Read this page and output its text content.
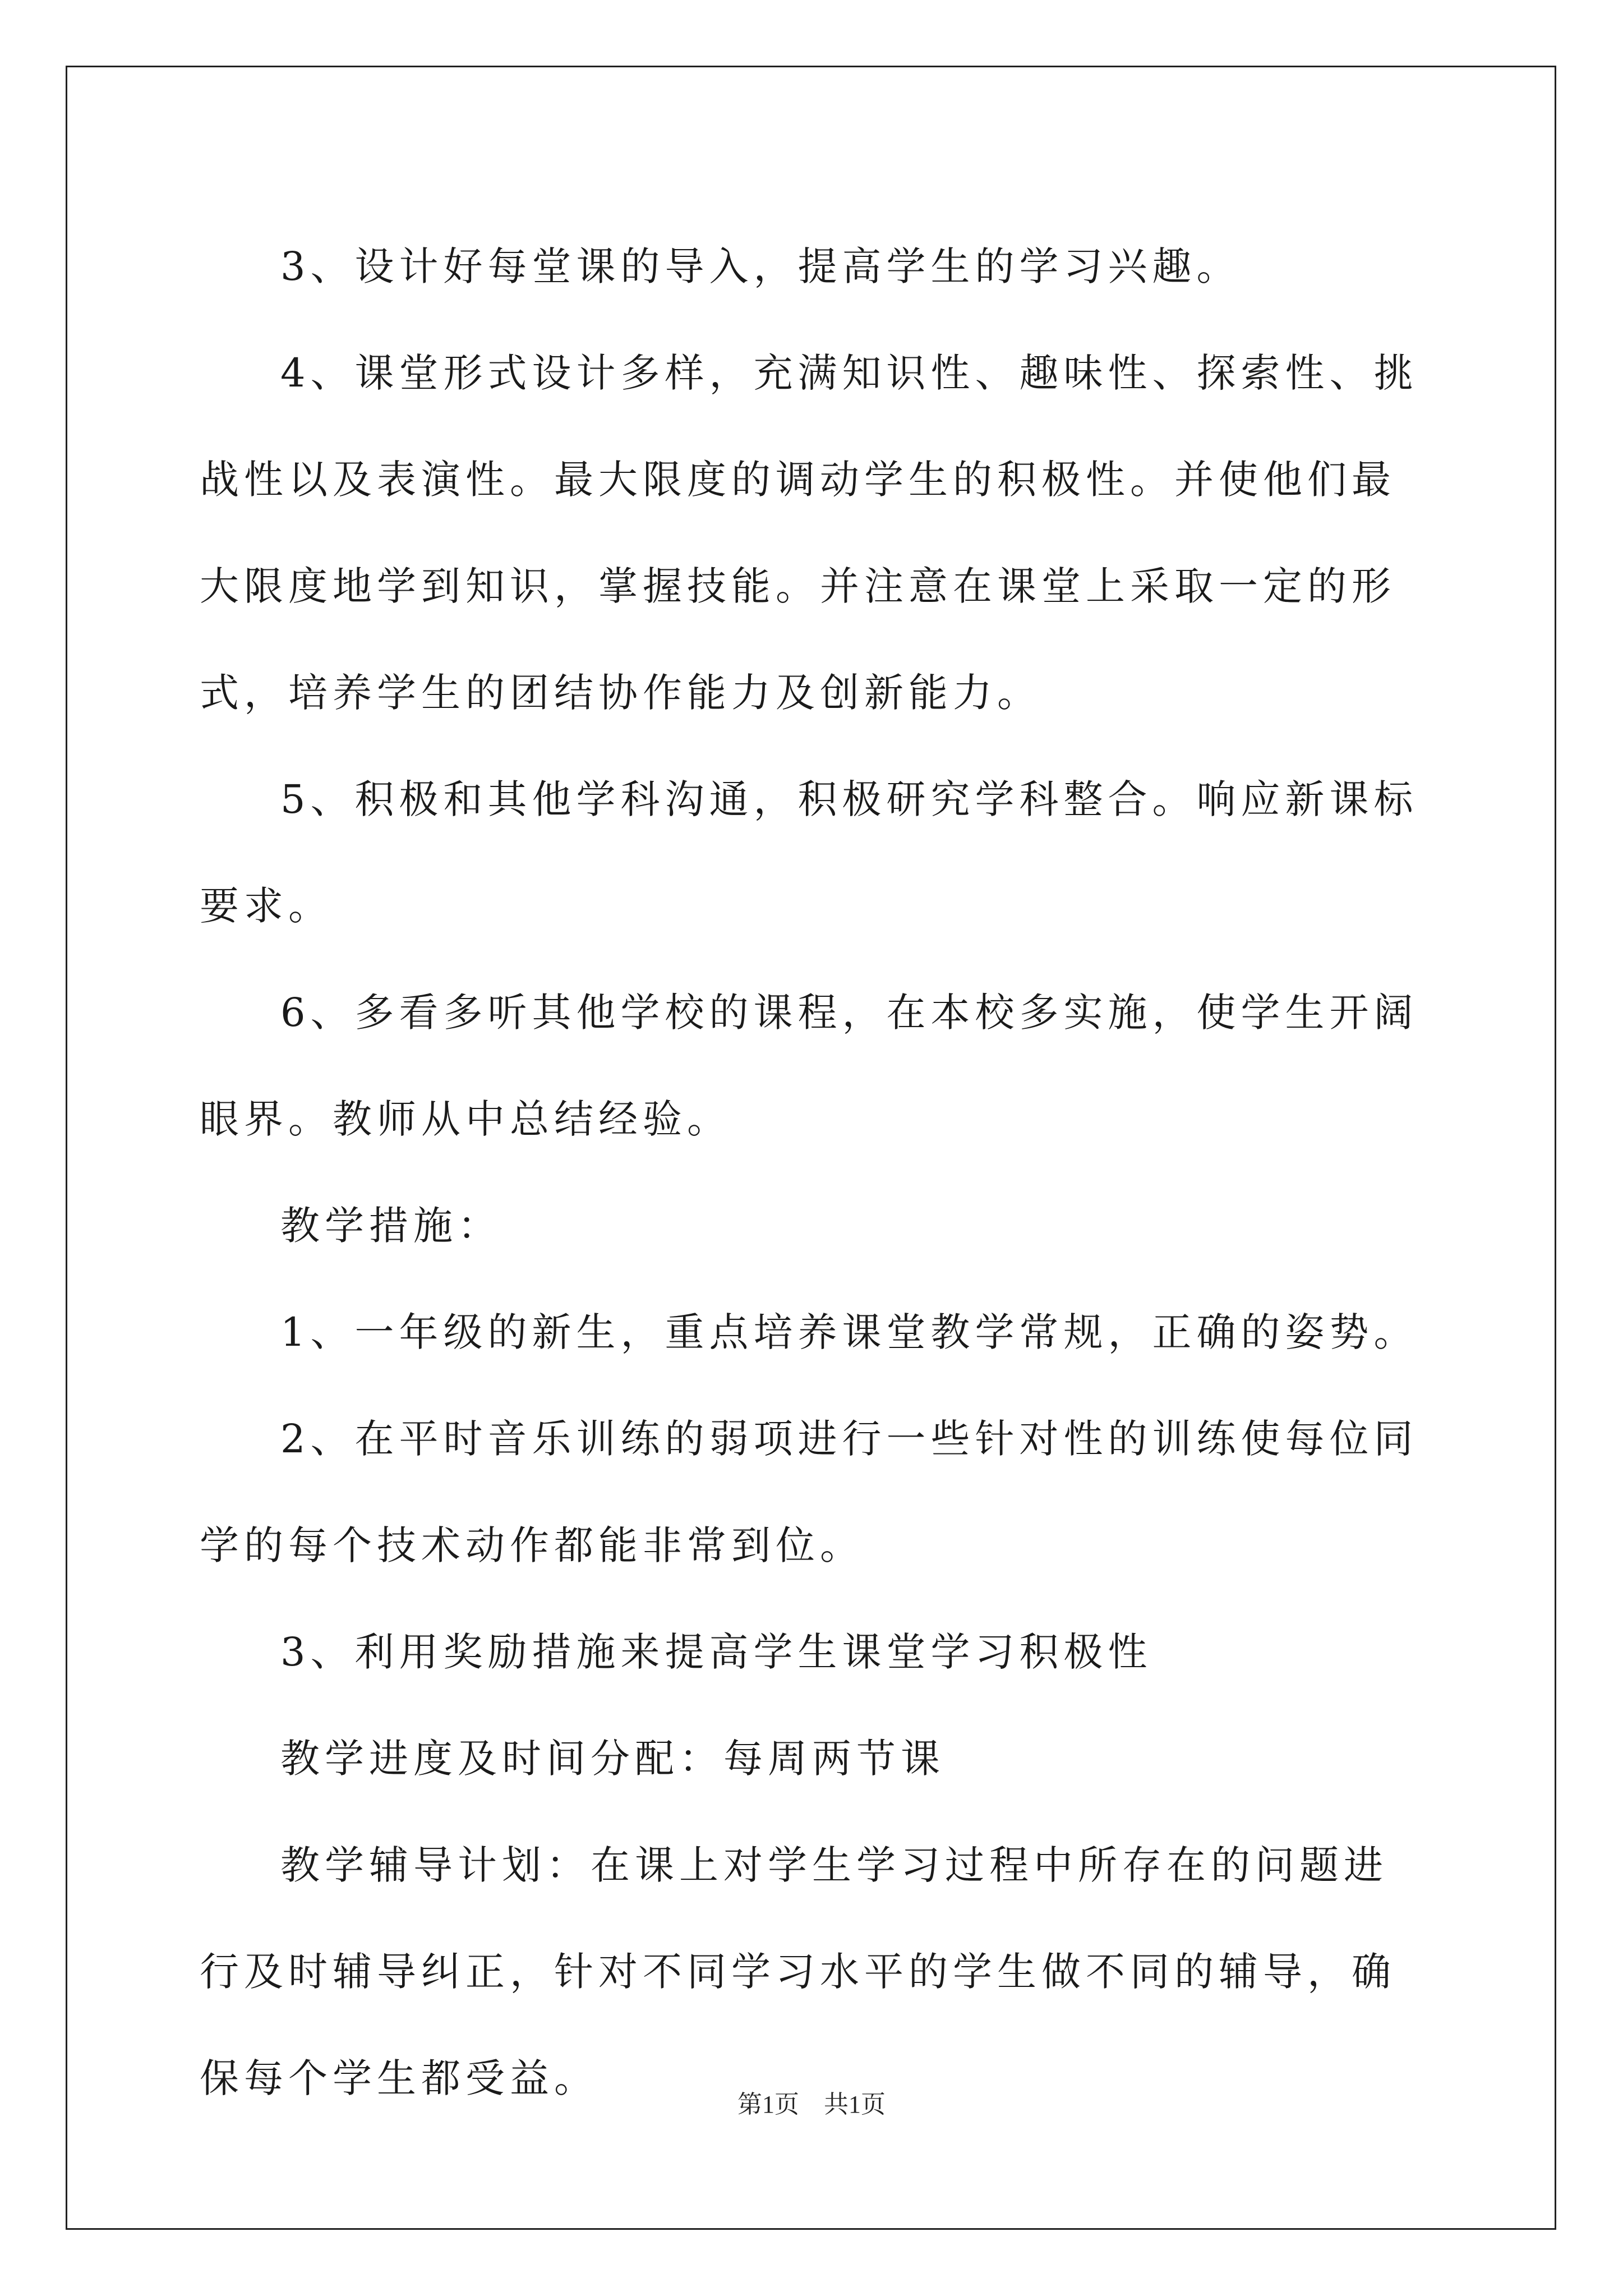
3、设计好每堂课的导入，提高学生的学习兴趣。

4、课堂形式设计多样，充满知识性、趣味性、探索性、挑战性以及表演性。最大限度的调动学生的积极性。并使他们最大限度地学到知识，掌握技能。并注意在课堂上采取一定的形式，培养学生的团结协作能力及创新能力。

5、积极和其他学科沟通，积极研究学科整合。响应新课标要求。

6、多看多听其他学校的课程，在本校多实施，使学生开阔眼界。教师从中总结经验。

教学措施：

1、一年级的新生，重点培养课堂教学常规，正确的姿势。

2、在平时音乐训练的弱项进行一些针对性的训练使每位同学的每个技术动作都能非常到位。

3、利用奖励措施来提高学生课堂学习积极性

教学进度及时间分配：每周两节课

教学辅导计划：在课上对学生学习过程中所存在的问题进行及时辅导纠正，针对不同学习水平的学生做不同的辅导，确保每个学生都受益。

第1页 共1页
